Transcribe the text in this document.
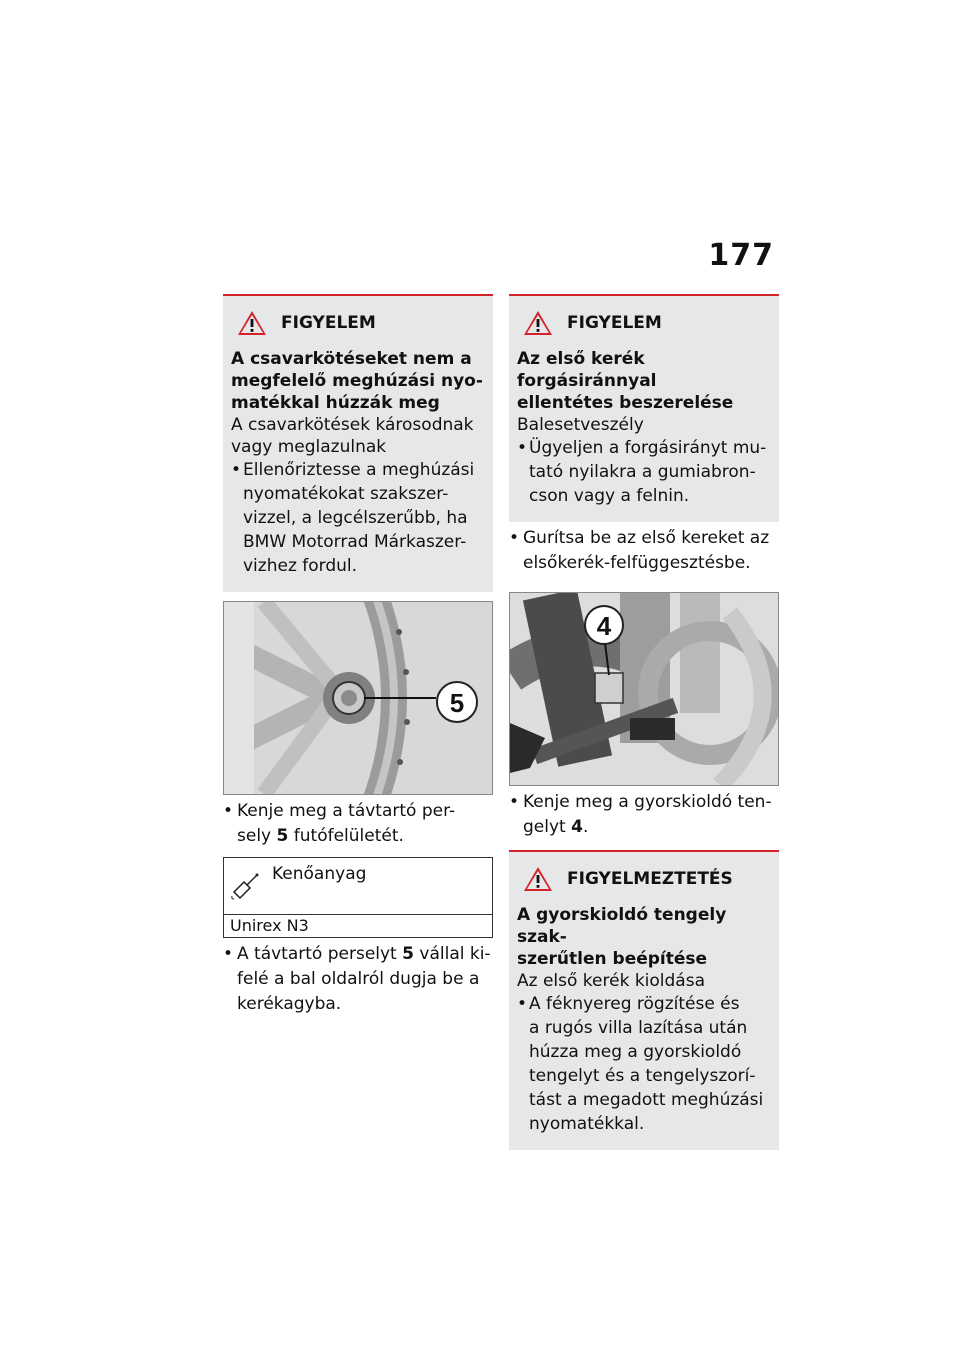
177
FIGYELEM

A csavarkötéseket nem a

megfelelő meghúzási nyo-

matékkal húzzák meg

A csavarkötések károsodnak

vagy meglazulnak

• Ellenőriztesse a meghúzási
nyomatékokat szakszer-
vizzel, a legcélszerűbb, ha
BMW Motorrad Márkaszer-
vizhez fordul.
5
• Kenje meg a távtartó per-
sely 5 futófelületét.
Kenőanyag
Unirex N3
• A távtartó perselyt 5 vállal ki-
felé a bal oldalról dugja be a
kerékagyba.
FIGYELEM

Az első kerék forgásiránnyal

ellentétes beszerelése

Balesetveszély

• Ügyeljen a forgásirányt mu-
tató nyilakra a gumiabron-
cson vagy a felnin.
• Gurítsa be az első kereket az
elsőkerék-felfüggesztésbe.
4
• Kenje meg a gyorskioldó ten-
gelyt 4.
FIGYELMEZTETÉS

A gyorskioldó tengely szak-

szerűtlen beépítése

Az első kerék kioldása

• A féknyereg rögzítése és
a rugós villa lazítása után
húzza meg a gyorskioldó
tengelyt és a tengelyszorí-
tást a megadott meghúzási
nyomatékkal.
